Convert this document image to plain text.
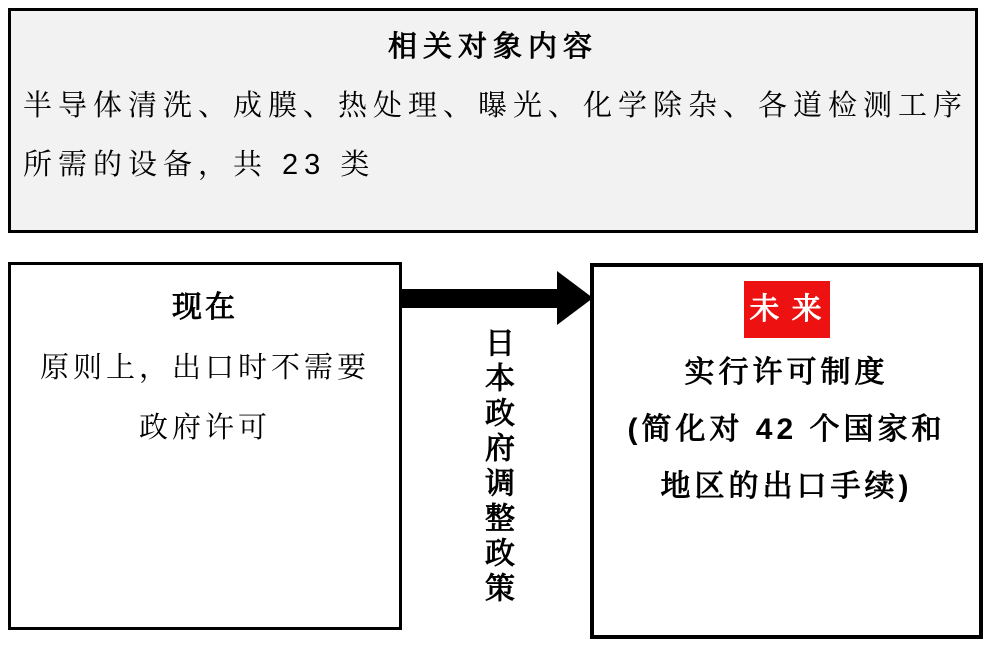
相关对象内容
半导体清洗、成膜、热处理、曝光、化学除杂、各道检测工序
所需的设备，共 23 类
现在
原则上，出口时不需要
政府许可	日本政府调整政策
未 来
实行许可制度
(简化对 42 个国家和
地区的出口手续)
